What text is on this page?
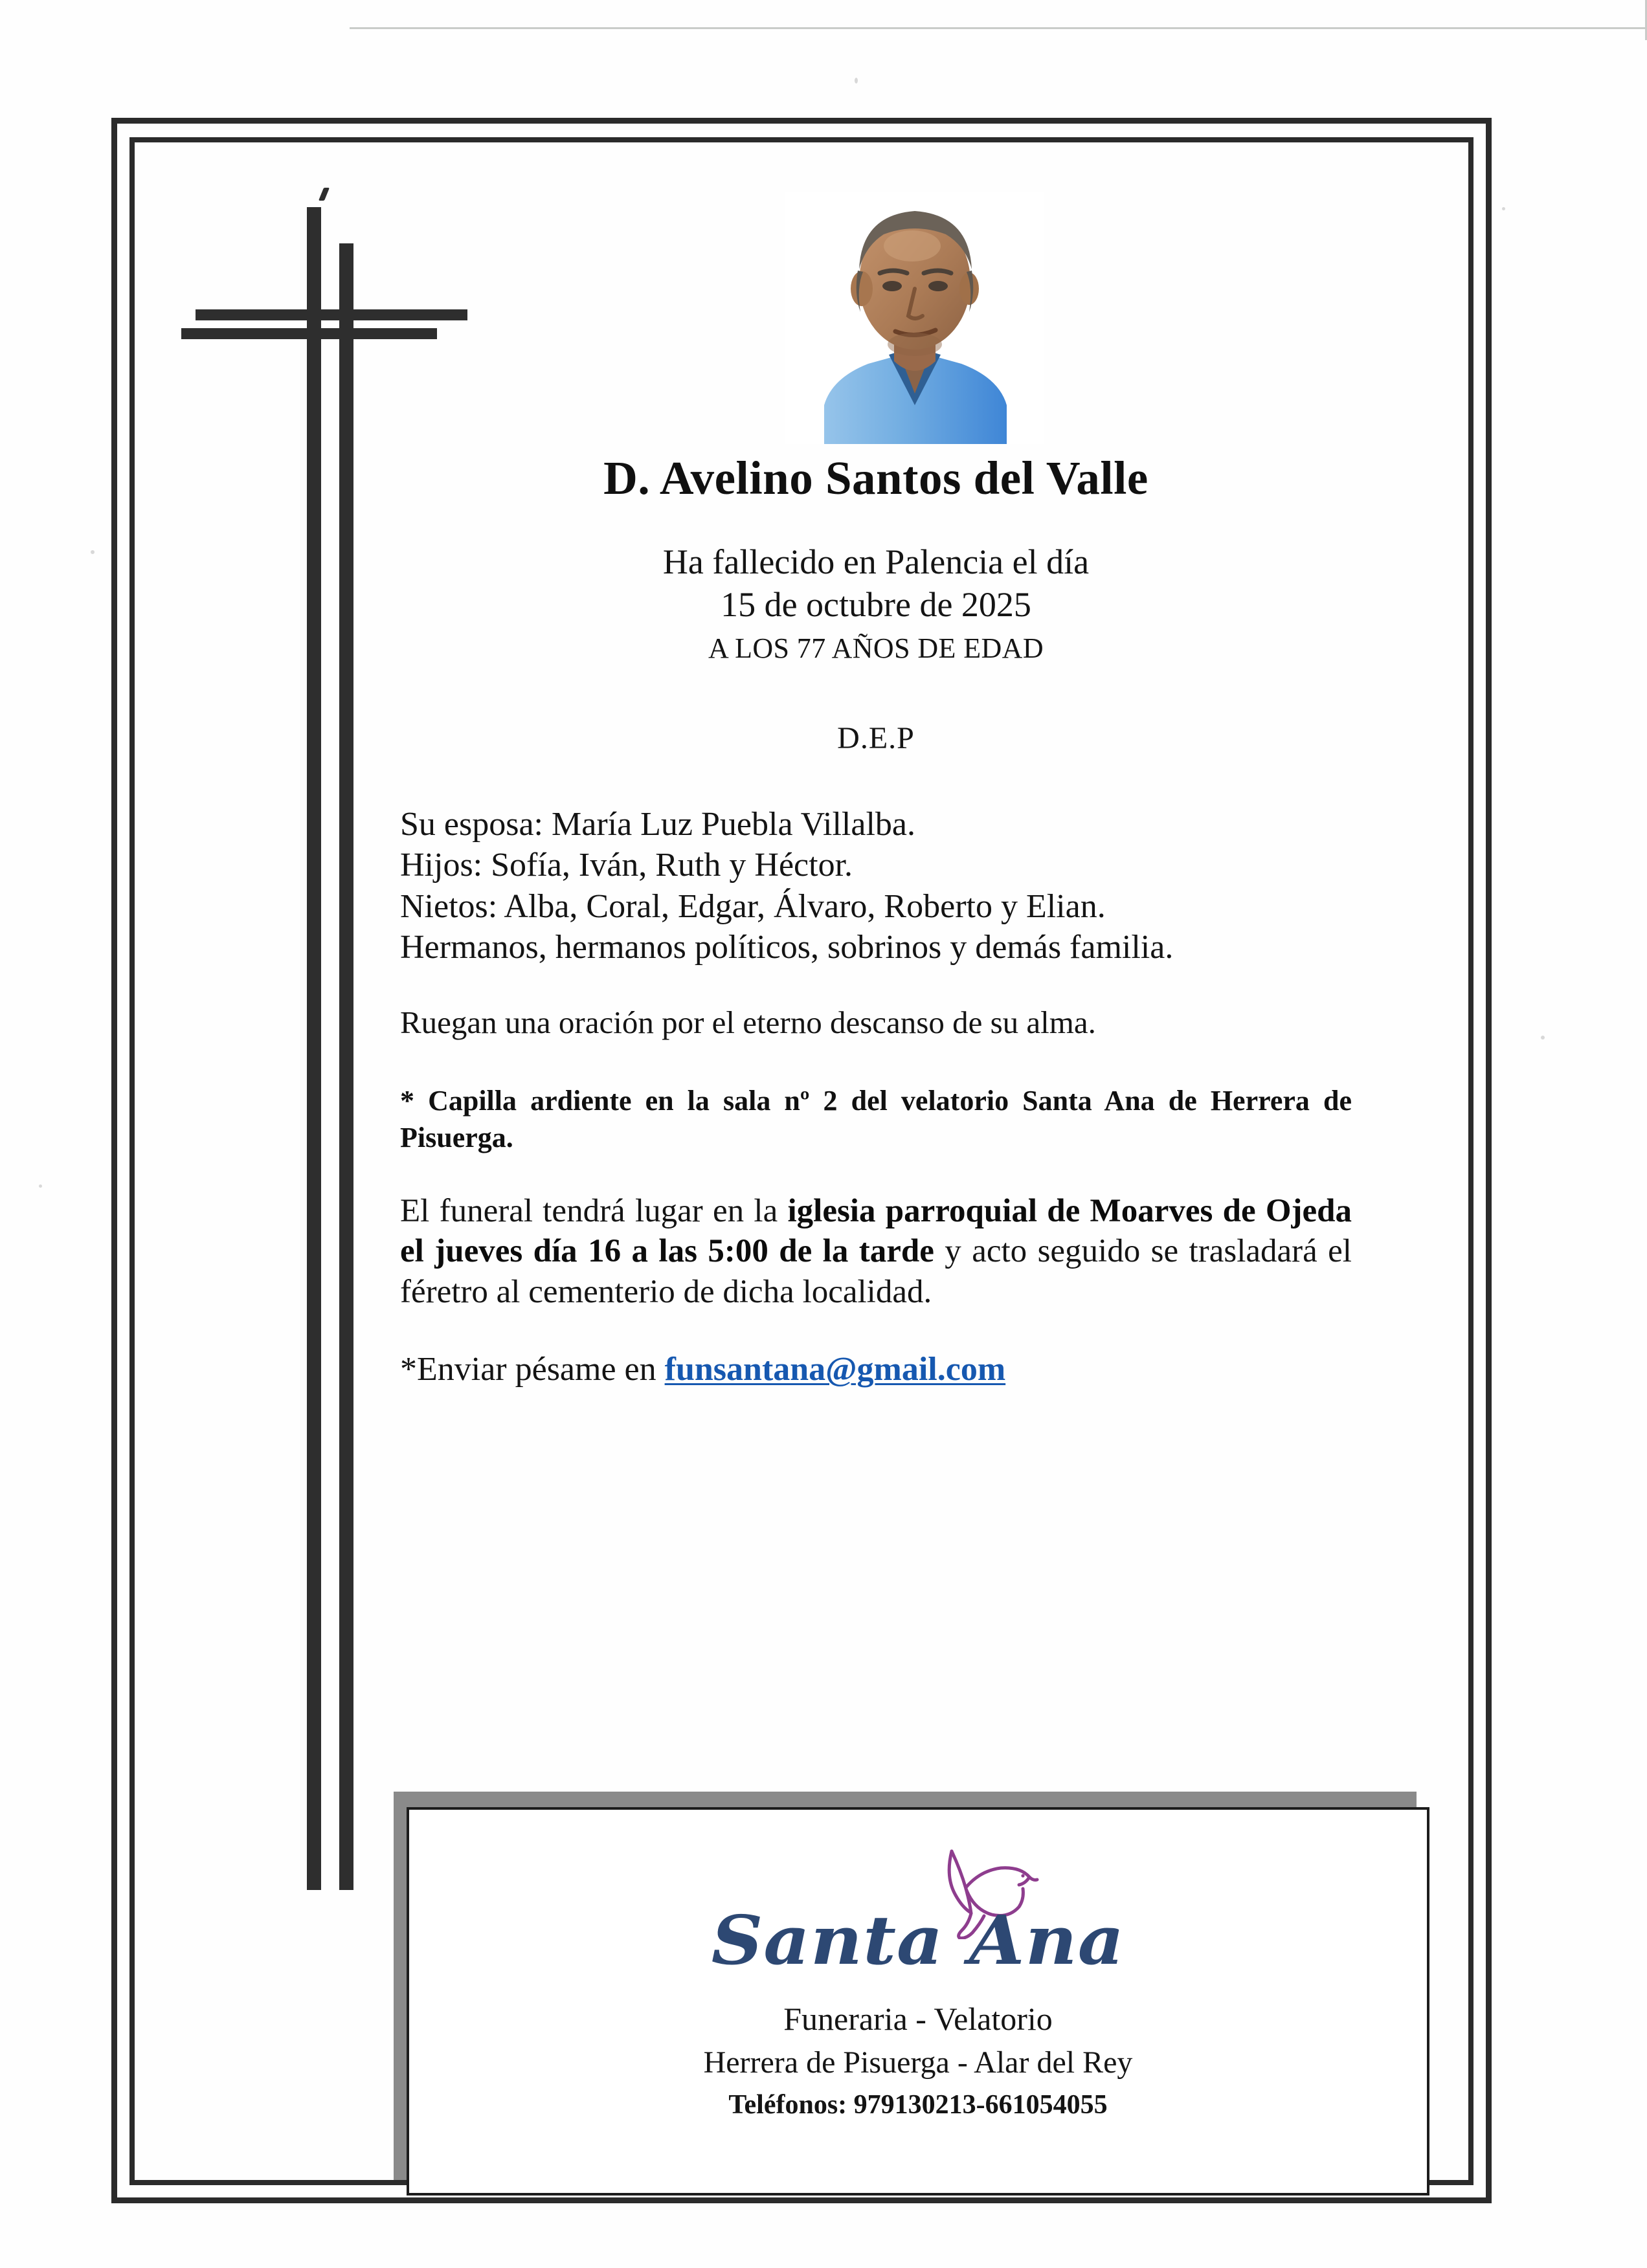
D. Avelino Santos del Valle

Ha fallecido en Palencia el día

15 de octubre de 2025

A LOS 77 AÑOS DE EDAD

D.E.P

Su esposa: María Luz Puebla Villalba.

Hijos: Sofía, Iván, Ruth y Héctor.

Nietos: Alba, Coral, Edgar, Álvaro, Roberto y Elian.

Hermanos, hermanos políticos, sobrinos y demás familia.

Ruegan una oración por el eterno descanso de su alma.

* Capilla ardiente en la sala nº 2 del velatorio Santa Ana de Herrera de Pisuerga.

El funeral tendrá lugar en la iglesia parroquial de Moarves de Ojeda el jueves día 16 a las 5:00 de la tarde y acto seguido se trasladará el féretro al cementerio de dicha localidad.

*Enviar pésame en funsantana@gmail.com

Santa Ana
Funeraria - Velatorio
Herrera de Pisuerga - Alar del Rey
Teléfonos: 979130213-661054055
